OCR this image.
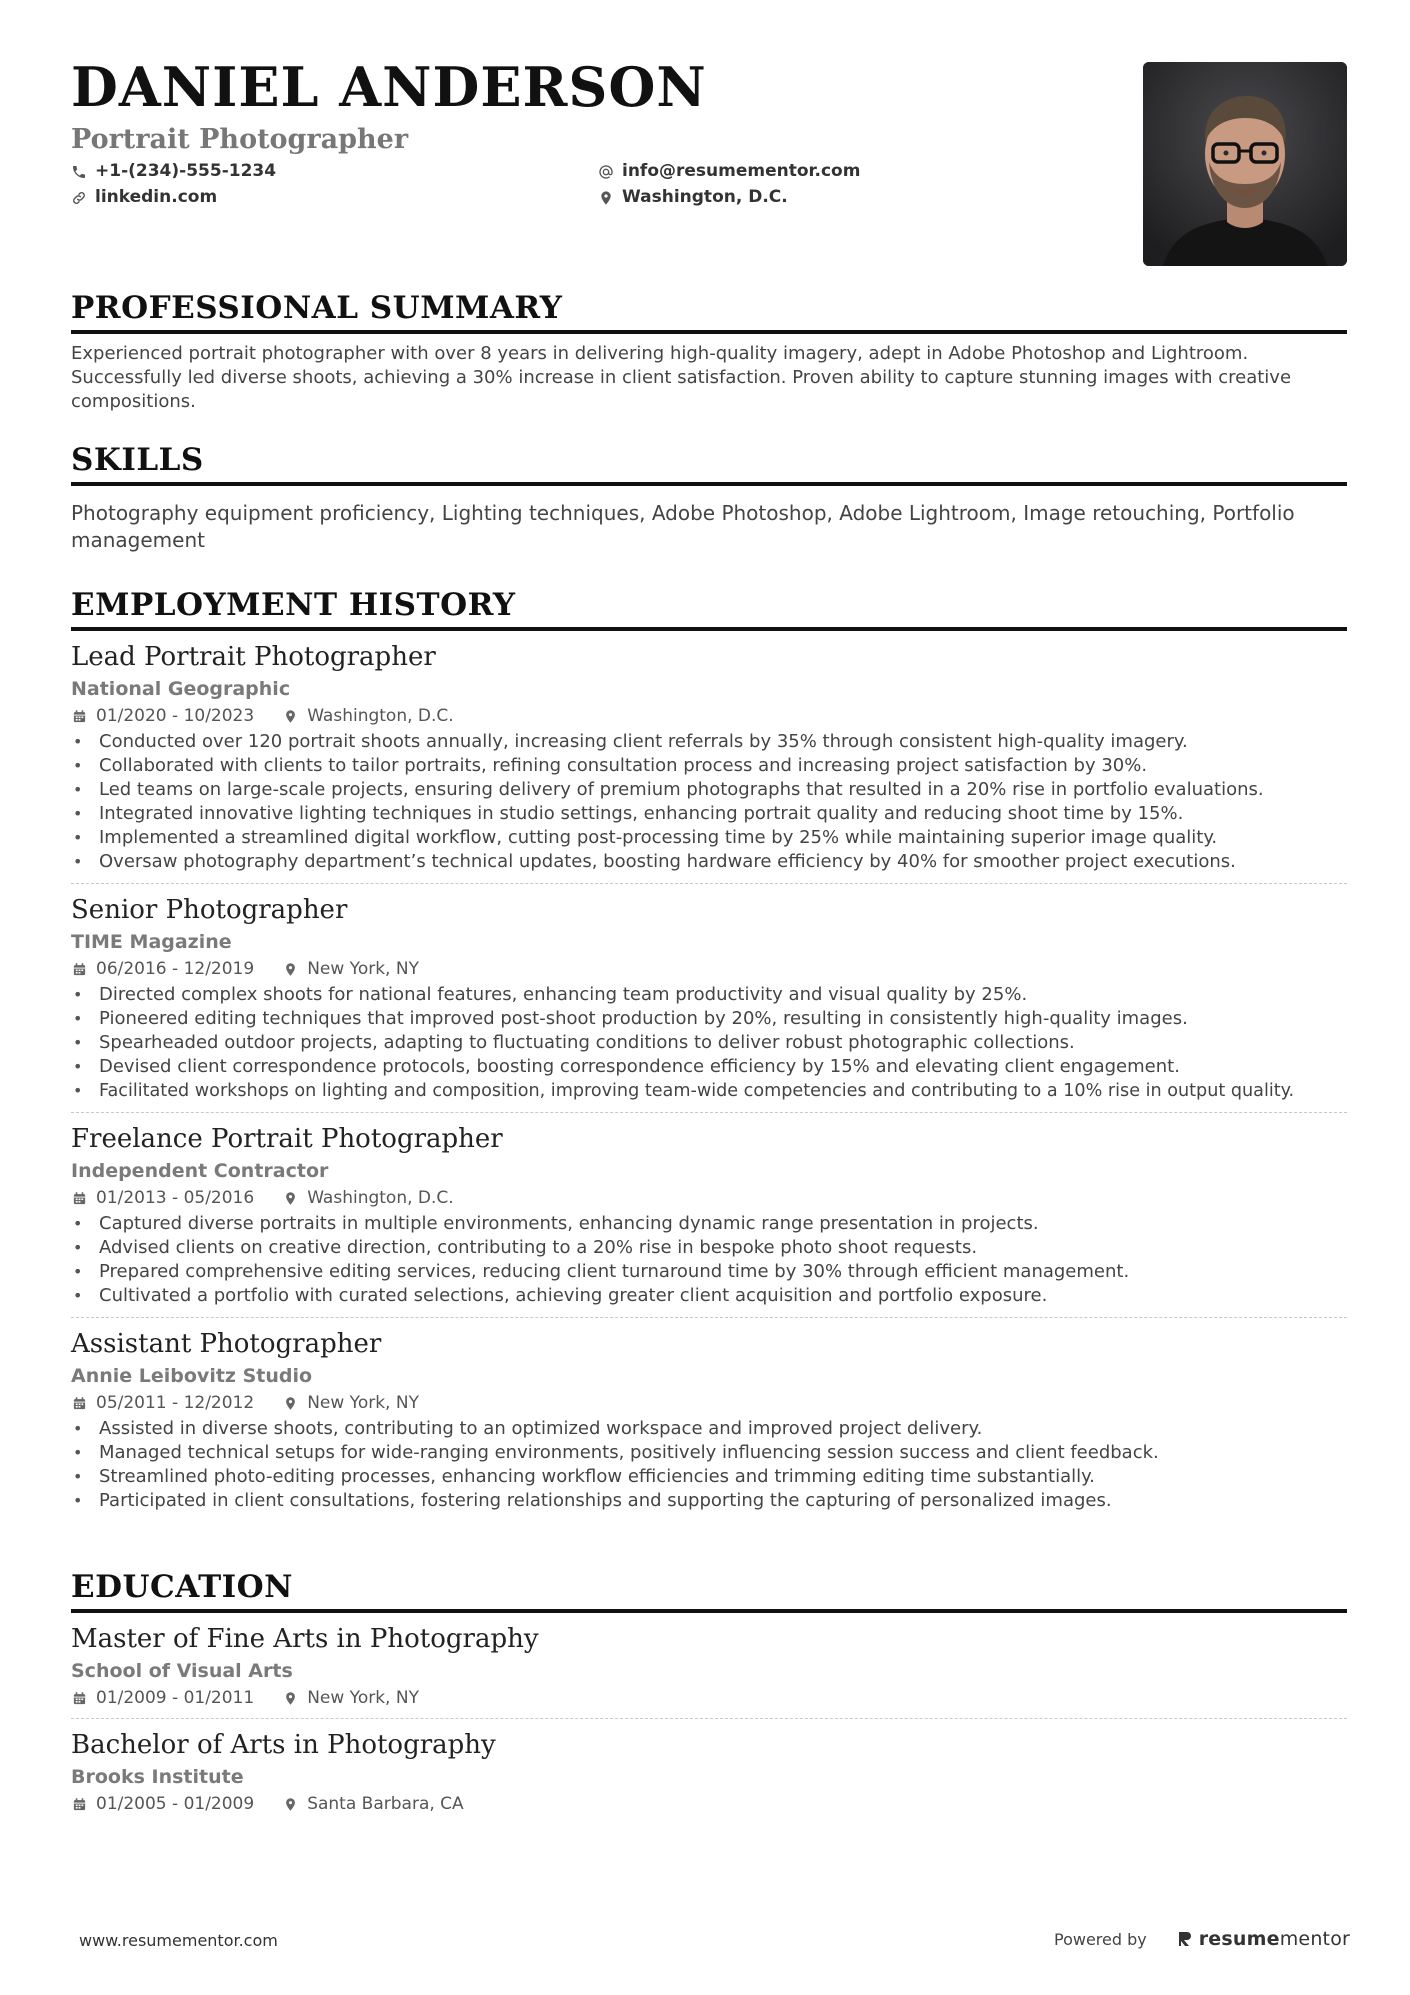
DANIEL ANDERSON
Portrait Photographer
+1-(234)-555-1234
linkedin.com
info@resumementor.com
Washington, D.C.
PROFESSIONAL SUMMARY
Experienced portrait photographer with over 8 years in delivering high-quality imagery, adept in Adobe Photoshop and Lightroom. Successfully led diverse shoots, achieving a 30% increase in client satisfaction. Proven ability to capture stunning images with creative compositions.
SKILLS
Photography equipment proficiency, Lighting techniques, Adobe Photoshop, Adobe Lightroom, Image retouching, Portfolio management
EMPLOYMENT HISTORY
Lead Portrait Photographer
National Geographic
01/2020 - 10/2023	Washington, D.C.
• Conducted over 120 portrait shoots annually, increasing client referrals by 35% through consistent high-quality imagery.
• Collaborated with clients to tailor portraits, refining consultation process and increasing project satisfaction by 30%.
• Led teams on large-scale projects, ensuring delivery of premium photographs that resulted in a 20% rise in portfolio evaluations.
• Integrated innovative lighting techniques in studio settings, enhancing portrait quality and reducing shoot time by 15%.
• Implemented a streamlined digital workflow, cutting post-processing time by 25% while maintaining superior image quality.
• Oversaw photography department’s technical updates, boosting hardware efficiency by 40% for smoother project executions.
Senior Photographer
TIME Magazine
06/2016 - 12/2019	New York, NY
• Directed complex shoots for national features, enhancing team productivity and visual quality by 25%.
• Pioneered editing techniques that improved post-shoot production by 20%, resulting in consistently high-quality images.
• Spearheaded outdoor projects, adapting to fluctuating conditions to deliver robust photographic collections.
• Devised client correspondence protocols, boosting correspondence efficiency by 15% and elevating client engagement.
• Facilitated workshops on lighting and composition, improving team-wide competencies and contributing to a 10% rise in output quality.
Freelance Portrait Photographer
Independent Contractor
01/2013 - 05/2016	Washington, D.C.
• Captured diverse portraits in multiple environments, enhancing dynamic range presentation in projects.
• Advised clients on creative direction, contributing to a 20% rise in bespoke photo shoot requests.
• Prepared comprehensive editing services, reducing client turnaround time by 30% through efficient management.
• Cultivated a portfolio with curated selections, achieving greater client acquisition and portfolio exposure.
Assistant Photographer
Annie Leibovitz Studio
05/2011 - 12/2012	New York, NY
• Assisted in diverse shoots, contributing to an optimized workspace and improved project delivery.
• Managed technical setups for wide-ranging environments, positively influencing session success and client feedback.
• Streamlined photo-editing processes, enhancing workflow efficiencies and trimming editing time substantially.
• Participated in client consultations, fostering relationships and supporting the capturing of personalized images.
EDUCATION
Master of Fine Arts in Photography
School of Visual Arts
01/2009 - 01/2011	New York, NY
Bachelor of Arts in Photography
Brooks Institute
01/2005 - 01/2009	Santa Barbara, CA
www.resumementor.com	Powered by	resumementor
